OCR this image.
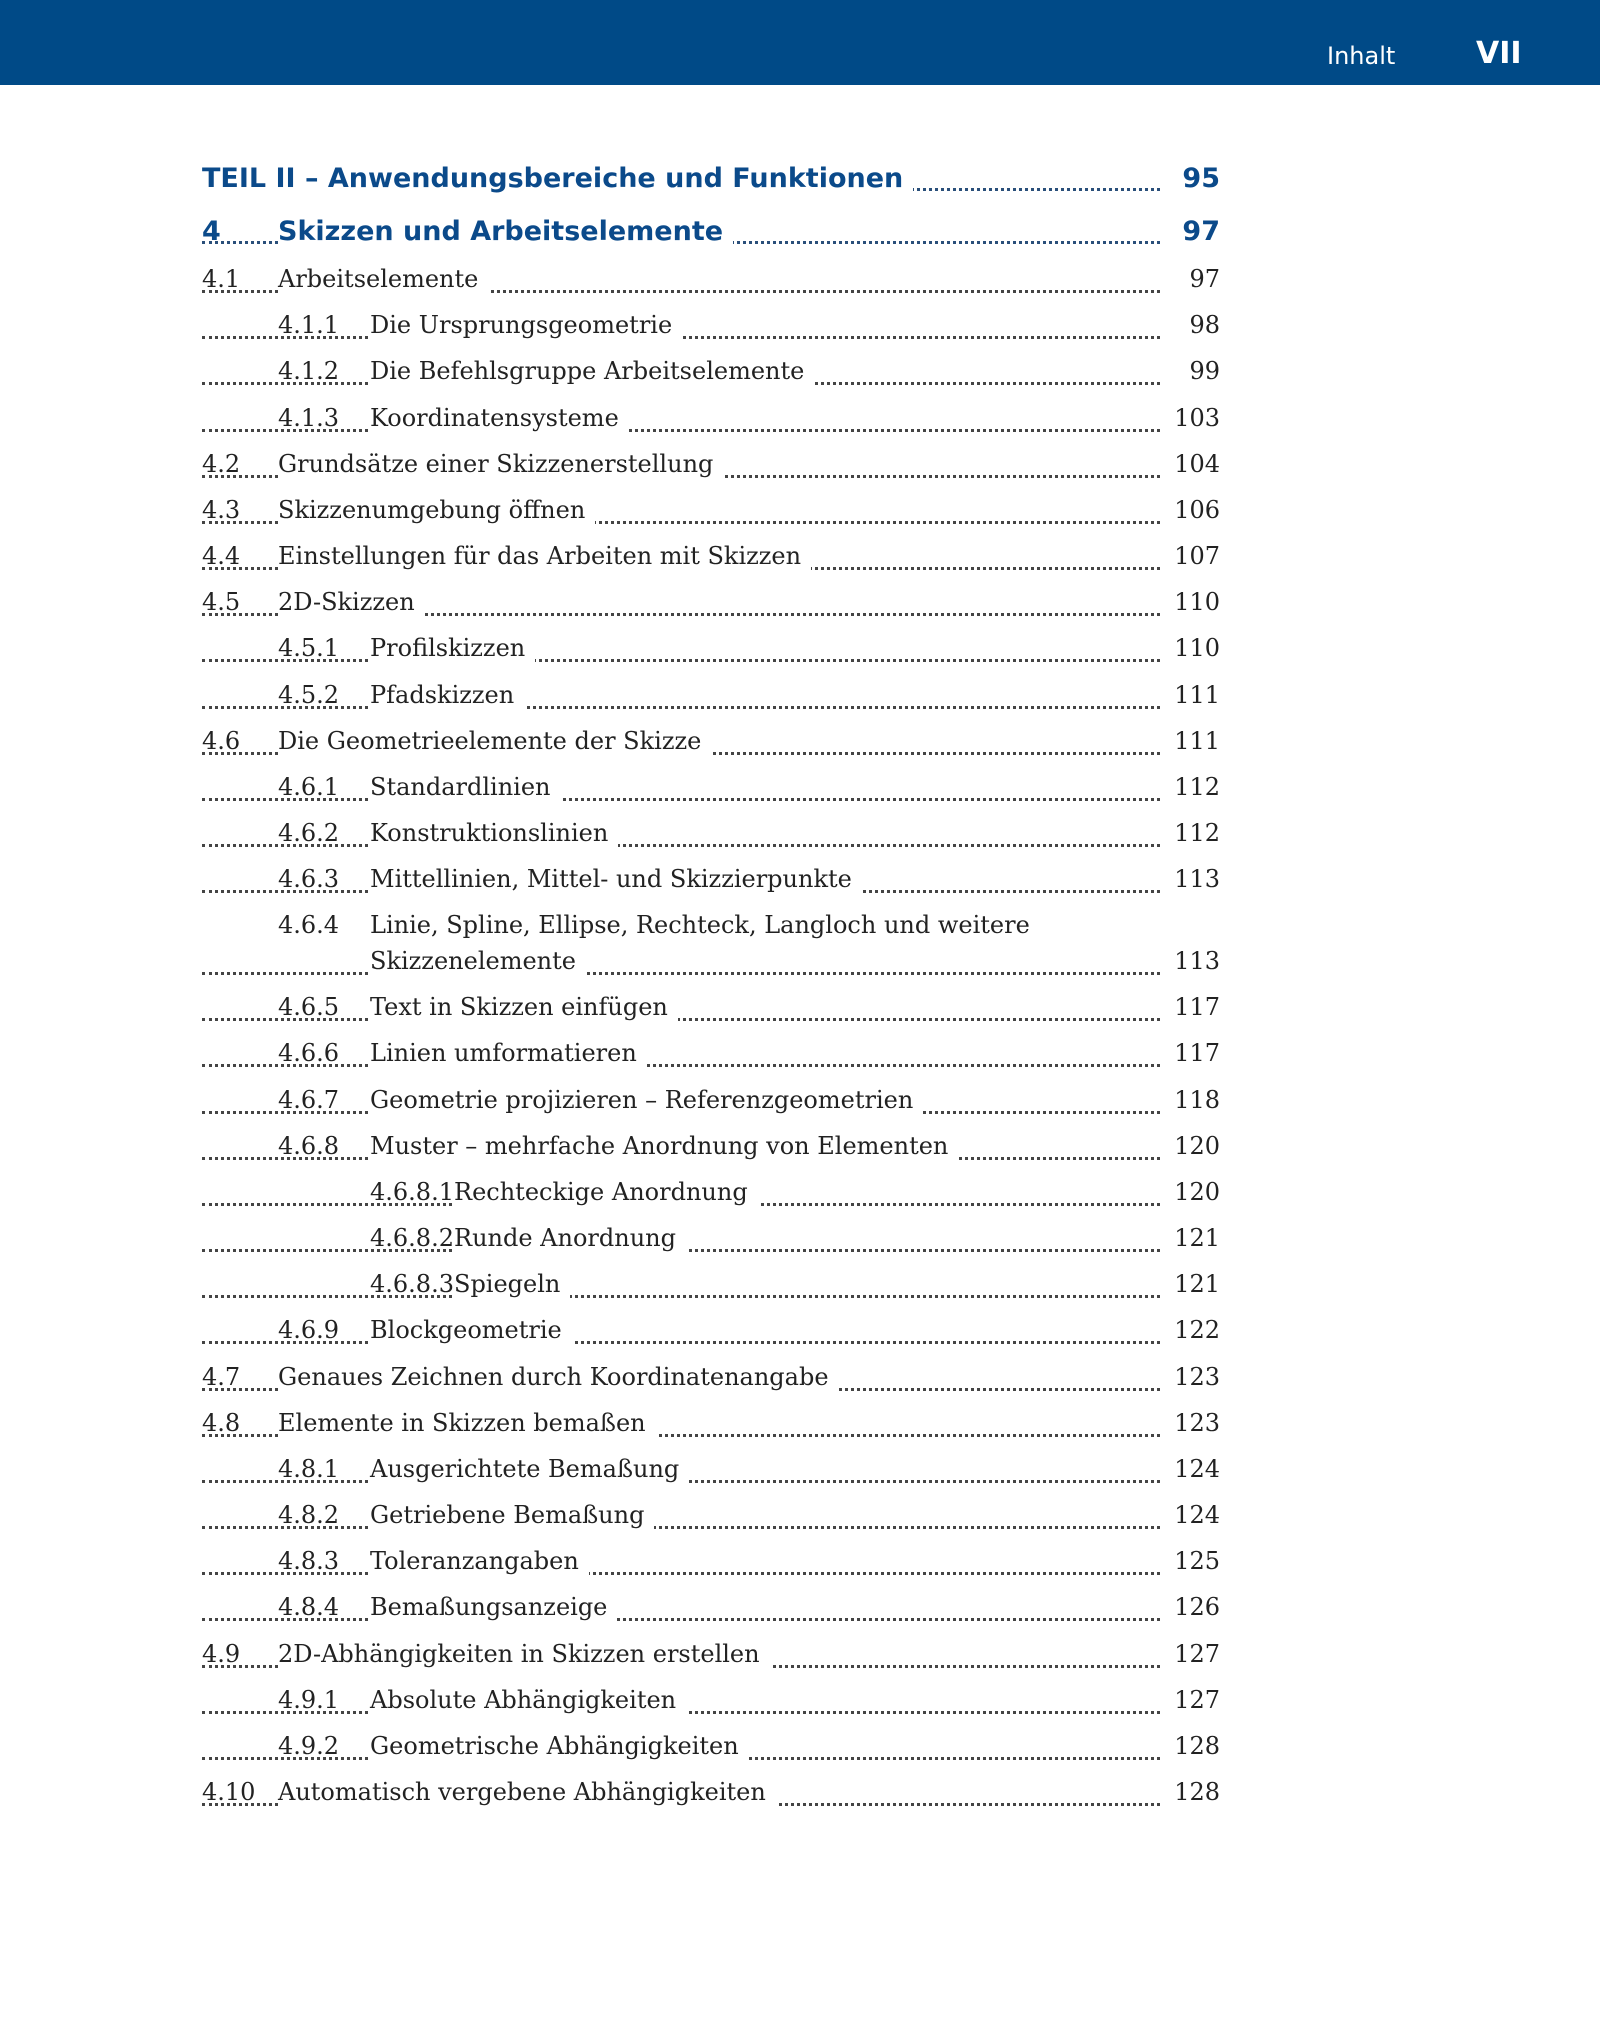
Inhalt	VII
TEIL II – Anwendungsbereiche und Funktionen	95
4 Skizzen und Arbeitselemente	97
4.1 Arbeitselemente	97
4.1.1 Die Ursprungsgeometrie	98
4.1.2 Die Befehlsgruppe Arbeitselemente	99
4.1.3 Koordinatensysteme	103
4.2 Grundsätze einer Skizzenerstellung	104
4.3 Skizzenumgebung öffnen	106
4.4 Einstellungen für das Arbeiten mit Skizzen	107
4.5 2D-Skizzen	110
4.5.1 Profilskizzen	110
4.5.2 Pfadskizzen	111
4.6 Die Geometrieelemente der Skizze	111
4.6.1 Standardlinien	112
4.6.2 Konstruktionslinien	112
4.6.3 Mittellinien, Mittel- und Skizzierpunkte	113
4.6.4 Linie, Spline, Ellipse, Rechteck, Langloch und weitere
Skizzenelemente	113
4.6.5 Text in Skizzen einfügen	117
4.6.6 Linien umformatieren	117
4.6.7 Geometrie projizieren – Referenzgeometrien	118
4.6.8 Muster – mehrfache Anordnung von Elementen	120
4.6.8.1 Rechteckige Anordnung	120
4.6.8.2 Runde Anordnung	121
4.6.8.3 Spiegeln	121
4.6.9 Blockgeometrie	122
4.7 Genaues Zeichnen durch Koordinatenangabe	123
4.8 Elemente in Skizzen bemaßen	123
4.8.1 Ausgerichtete Bemaßung	124
4.8.2 Getriebene Bemaßung	124
4.8.3 Toleranzangaben	125
4.8.4 Bemaßungsanzeige	126
4.9 2D-Abhängigkeiten in Skizzen erstellen	127
4.9.1 Absolute Abhängigkeiten	127
4.9.2 Geometrische Abhängigkeiten	128
4.10 Automatisch vergebene Abhängigkeiten	128
